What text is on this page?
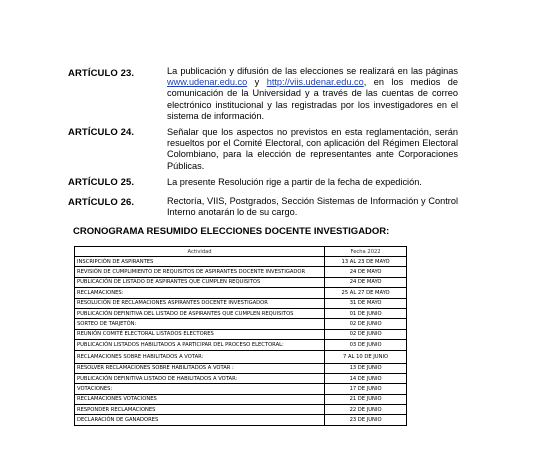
ARTÍCULO 23.	La publicación y difusión de las elecciones se realizará en las páginas www.udenar.edu.co y http://viis.udenar.edu.co, en los medios de comunicación de la Universidad y a través de las cuentas de correo electrónico institucional y las registradas por los investigadores en el sistema de información.
ARTÍCULO 24.	Señalar que los aspectos no previstos en esta reglamentación, serán resueltos por el Comité Electoral, con aplicación del Régimen Electoral Colombiano, para la elección de representantes ante Corporaciones Públicas.
ARTÍCULO 25.	La presente Resolución rige a partir de la fecha de expedición.
ARTÍCULO 26.	Rectoría, VIIS, Postgrados, Sección Sistemas de Información y Control Interno anotarán lo de su cargo.
CRONOGRAMA RESUMIDO ELECCIONES DOCENTE INVESTIGADOR:
Actividad	Fecha 2022
INSCRIPCIÓN DE ASPIRANTES	13 AL 23 DE MAYO
REVISIÓN DE CUMPLIMIENTO DE REQUISITOS DE ASPIRANTES DOCENTE INVESTIGADOR	24 DE MAYO
PUBLICACIÓN DE LISTADO DE ASPIRANTES QUE CUMPLEN REQUISITOS	24 DE MAYO
RECLAMACIONES:	25 AL 27 DE MAYO
RESOLUCIÓN DE RECLAMACIONES ASPIRANTES DOCENTE INVESTIGADOR	31 DE MAYO
PUBLICACIÓN DEFINITIVA DEL LISTADO DE ASPIRANTES QUE CUMPLEN REQUISITOS	01 DE JUNIO
SORTEO DE TARJETÓN:	02 DE JUNIO
REUNIÓN COMITÉ ELECTORAL LISTADOS ELECTORES	02 DE JUNIO
PUBLICACIÓN LISTADOS HABILITADOS A PARTICIPAR DEL PROCESO ELECTORAL:	03 DE JUNIO
RECLAMACIONES SOBRE HABILITADOS A VOTAR:	7 AL 10 DE JUNIO
RESOLVER RECLAMACIONES SOBRE HABILITADOS A VOTAR :	13 DE JUNIO
PUBLICACIÓN DEFINITIVA LISTADO DE HABILITADOS A VOTAR:	14 DE JUNIO
VOTACIONES:	17 DE JUNIO
RECLAMACIONES VOTACIONES	21 DE JUNIO
RESPONDER RECLAMACIONES	22 DE JUNIO
DECLARACIÓN DE GANADORES	23 DE JUNIO
